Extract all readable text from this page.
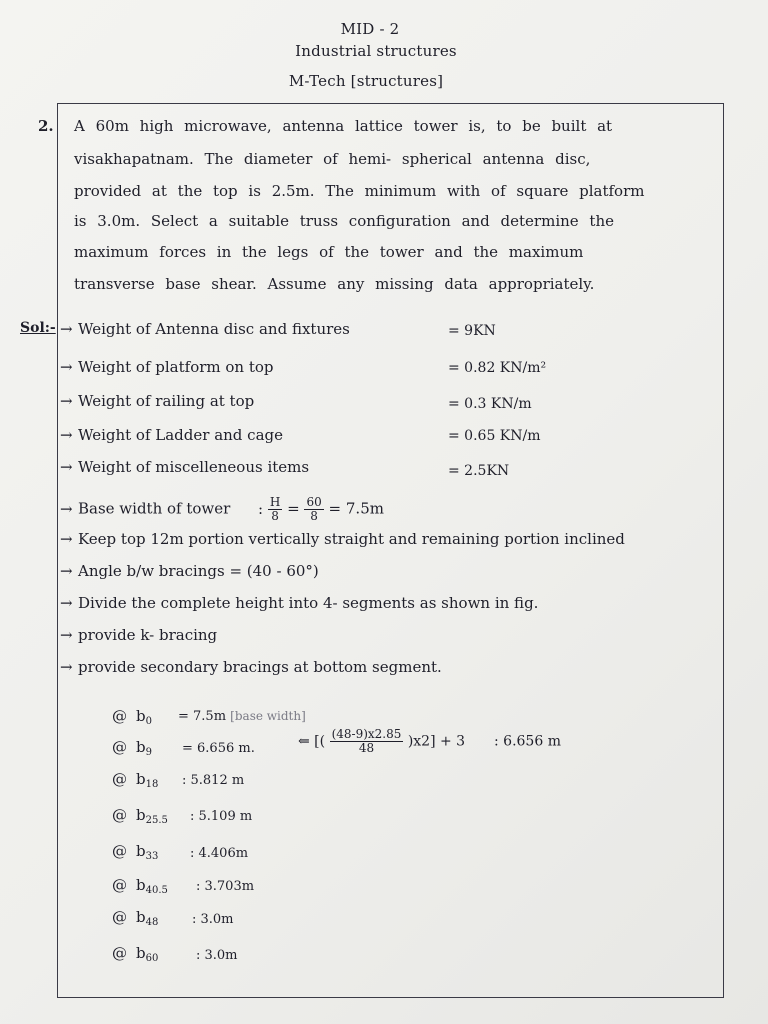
MID - 2
Industrial structures
M-Tech [structures]
2. A 60m high microwave, antenna lattice tower is, to be built at
visakhapatnam. The diameter of hemi- spherical antenna disc,
provided at the top is 2.5m. The minimum with of square platform
is 3.0m. Select a suitable truss configuration and determine the
maximum forces in the legs of the tower and the maximum
transverse base shear. Assume any missing data appropriately.
Sol:- → Weight of Antenna disc and fixtures	= 9KN
→ Weight of platform on top	= 0.82 KN/m²
→ Weight of railing at top	= 0.3 KN/m
→ Weight of Ladder and cage	= 0.65 KN/m
→ Weight of miscelleneous items	= 2.5KN
→ Base width of tower : $\frac{H}{8} = \frac{60}{8} = 7.5m$
→ Keep top 12m portion vertically straight and remaining portion inclined
→ Angle b/w bracings = (40 - 60°)
→ Divide the complete height into 4- segments as shown in fig.
→ provide k- bracing
→ provide secondary bracings at bottom segment.
@ $b_0 = 7.5m$ [base width]
@ $b_9 = 6.656$ m.	⇐ [( $\frac{(48-9)x2.85}{48} )x2] + 3$ : 6.656 m
@ $b_{18}$ : 5.812 m
@ $b_{25.5}$ : 5.109 m
@ $b_{33}$ : 4.406m
@ $b_{40.5}$ : 3.703m
@ $b_{48}$	: 3.0m
@ $b_{60}$	: 3.0m
